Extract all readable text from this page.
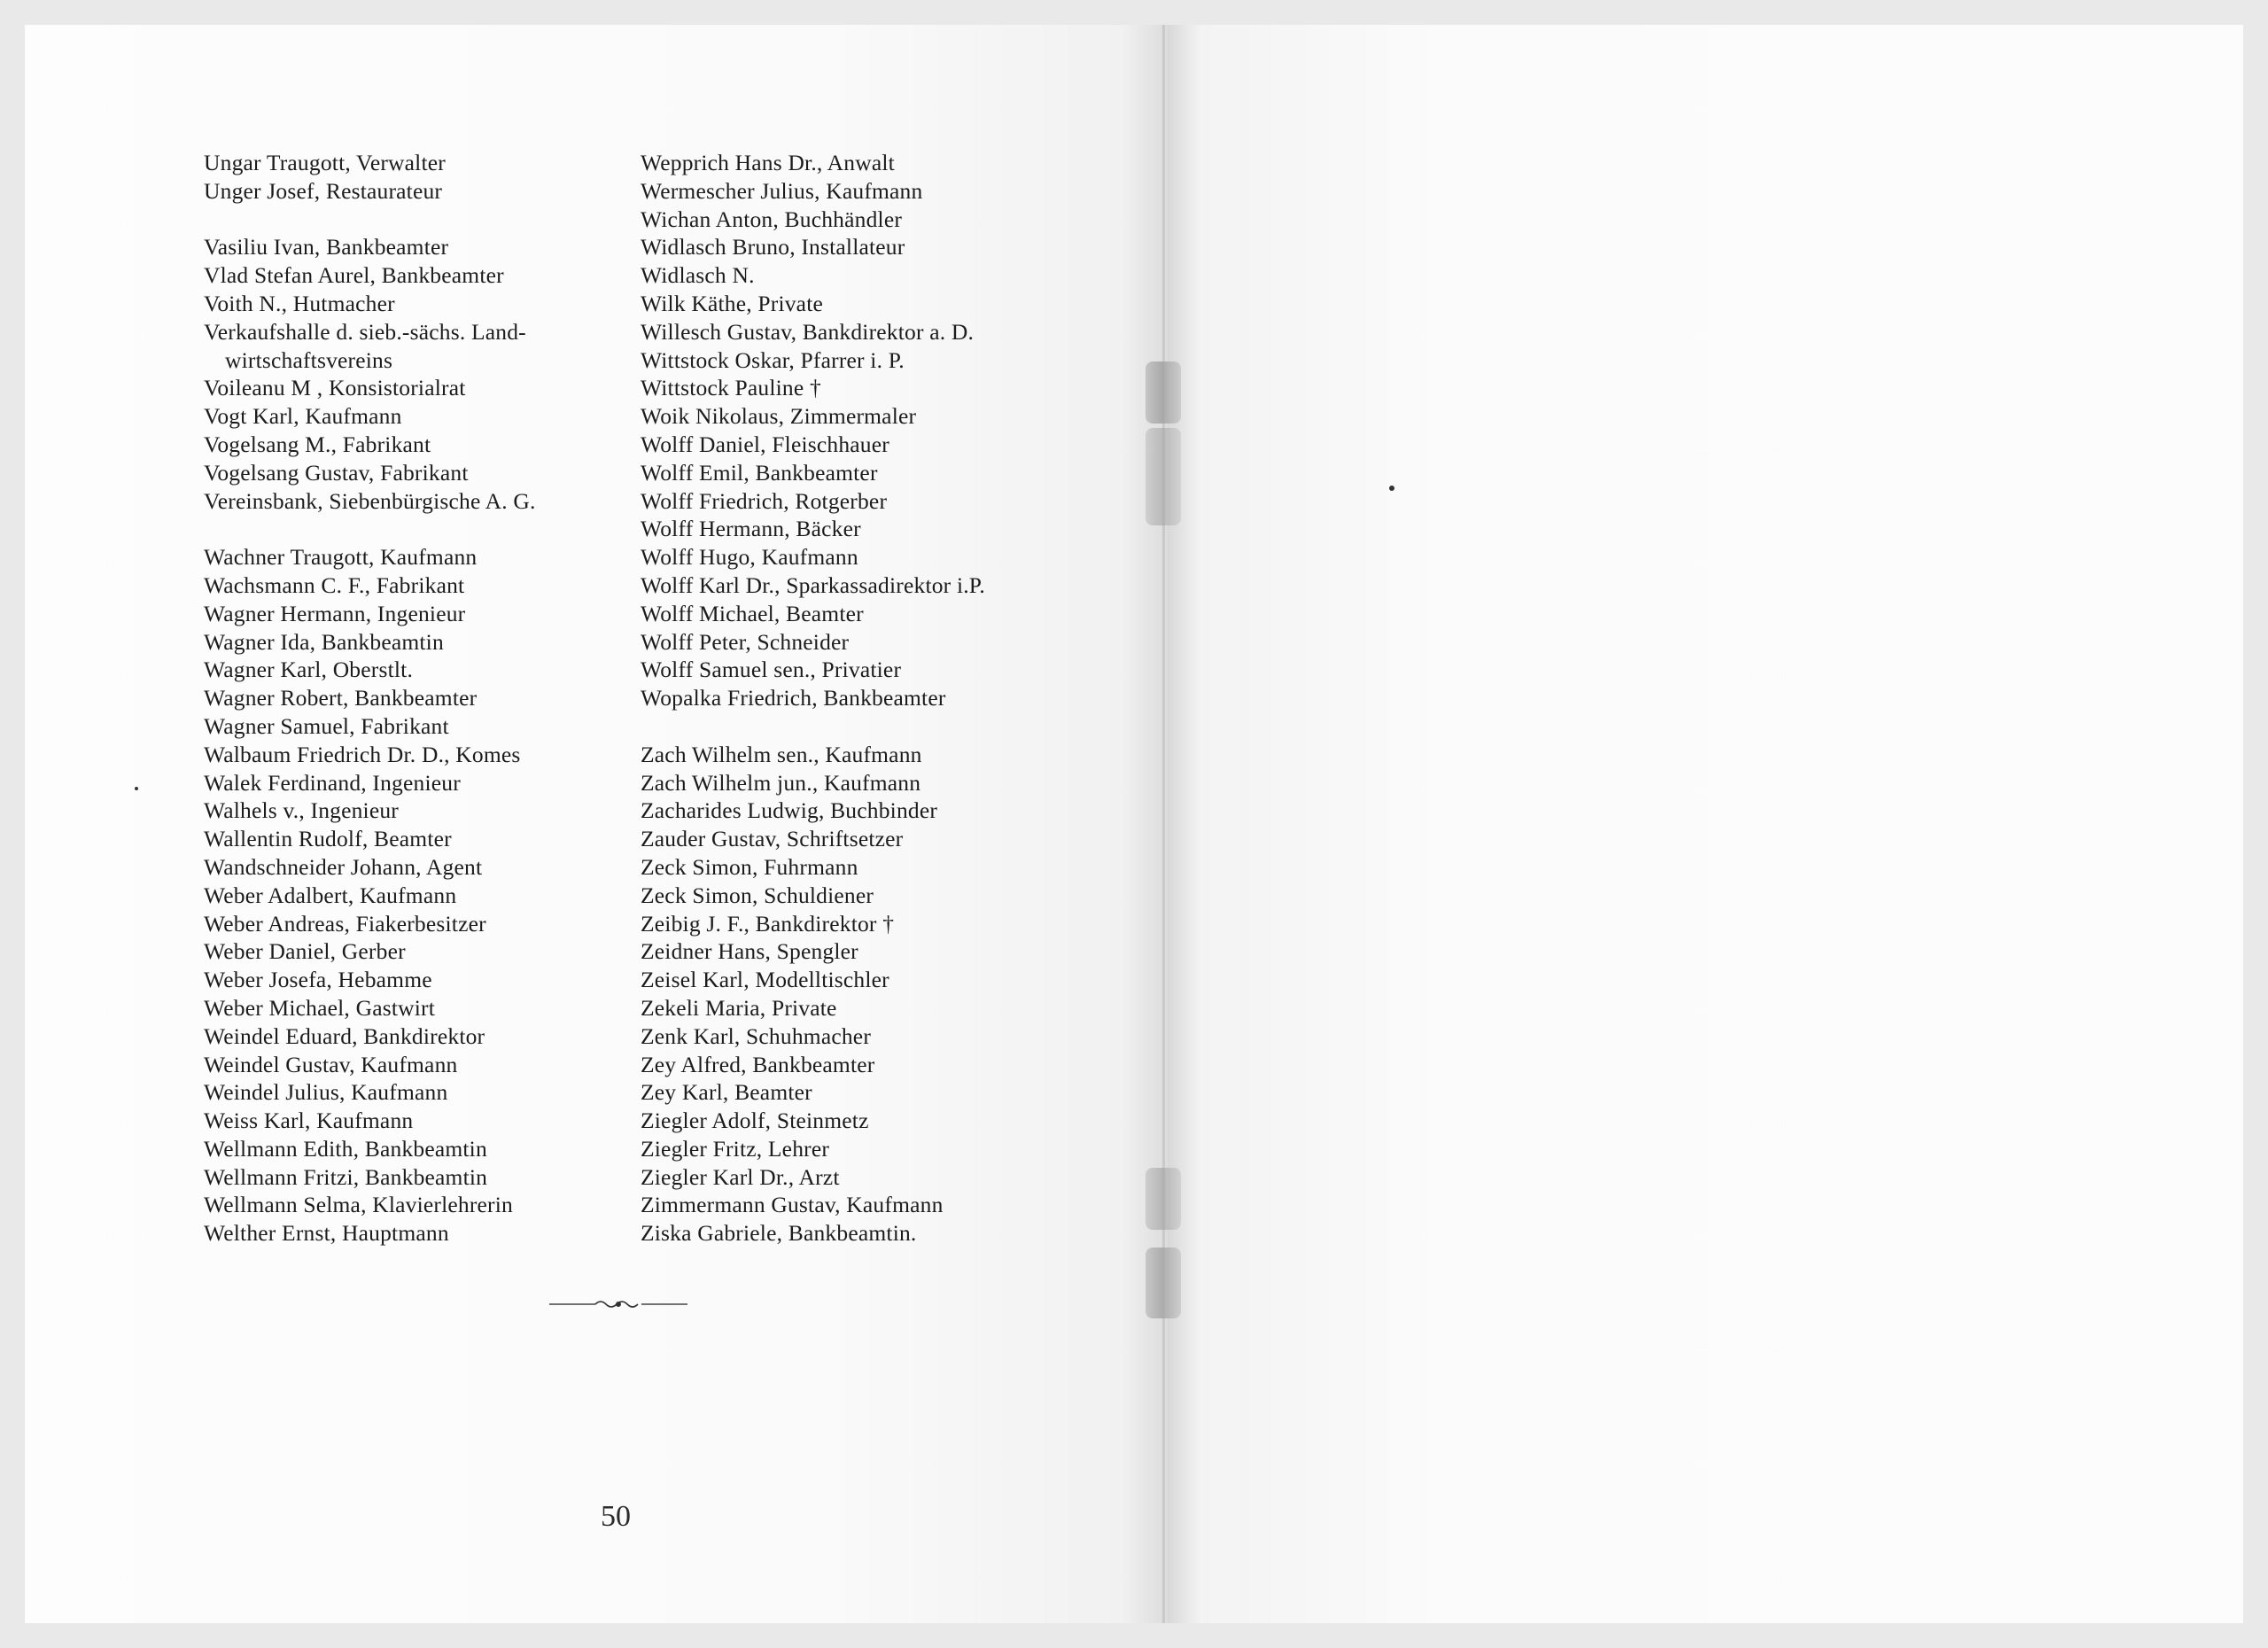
Ungar Traugott, Verwalter
Unger Josef, Restaurateur
Vasiliu Ivan, Bankbeamter
Vlad Stefan Aurel, Bankbeamter
Voith N., Hutmacher
Verkaufshalle d. sieb.-sächs. Land-
wirtschaftsvereins
Voileanu M , Konsistorialrat
Vogt Karl, Kaufmann
Vogelsang M., Fabrikant
Vogelsang Gustav, Fabrikant
Vereinsbank, Siebenbürgische A. G.
Wachner Traugott, Kaufmann
Wachsmann C. F., Fabrikant
Wagner Hermann, Ingenieur
Wagner Ida, Bankbeamtin
Wagner Karl, Oberstlt.
Wagner Robert, Bankbeamter
Wagner Samuel, Fabrikant
Walbaum Friedrich Dr. D., Komes
Walek Ferdinand, Ingenieur
Walhels v., Ingenieur
Wallentin Rudolf, Beamter
Wandschneider Johann, Agent
Weber Adalbert, Kaufmann
Weber Andreas, Fiakerbesitzer
Weber Daniel, Gerber
Weber Josefa, Hebamme
Weber Michael, Gastwirt
Weindel Eduard, Bankdirektor
Weindel Gustav, Kaufmann
Weindel Julius, Kaufmann
Weiss Karl, Kaufmann
Wellmann Edith, Bankbeamtin
Wellmann Fritzi, Bankbeamtin
Wellmann Selma, Klavierlehrerin
Welther Ernst, Hauptmann
Wepprich Hans Dr., Anwalt
Wermescher Julius, Kaufmann
Wichan Anton, Buchhändler
Widlasch Bruno, Installateur
Widlasch N.
Wilk Käthe, Private
Willesch Gustav, Bankdirektor a. D.
Wittstock Oskar, Pfarrer i. P.
Wittstock Pauline †
Woik Nikolaus, Zimmermaler
Wolff Daniel, Fleischhauer
Wolff Emil, Bankbeamter
Wolff Friedrich, Rotgerber
Wolff Hermann, Bäcker
Wolff Hugo, Kaufmann
Wolff Karl Dr., Sparkassadirektor i.P.
Wolff Michael, Beamter
Wolff Peter, Schneider
Wolff Samuel sen., Privatier
Wopalka Friedrich, Bankbeamter
Zach Wilhelm sen., Kaufmann
Zach Wilhelm jun., Kaufmann
Zacharides Ludwig, Buchbinder
Zauder Gustav, Schriftsetzer
Zeck Simon, Fuhrmann
Zeck Simon, Schuldiener
Zeibig J. F., Bankdirektor †
Zeidner Hans, Spengler
Zeisel Karl, Modelltischler
Zekeli Maria, Private
Zenk Karl, Schuhmacher
Zey Alfred, Bankbeamter
Zey Karl, Beamter
Ziegler Adolf, Steinmetz
Ziegler Fritz, Lehrer
Ziegler Karl Dr., Arzt
Zimmermann Gustav, Kaufmann
Ziska Gabriele, Bankbeamtin.
50
